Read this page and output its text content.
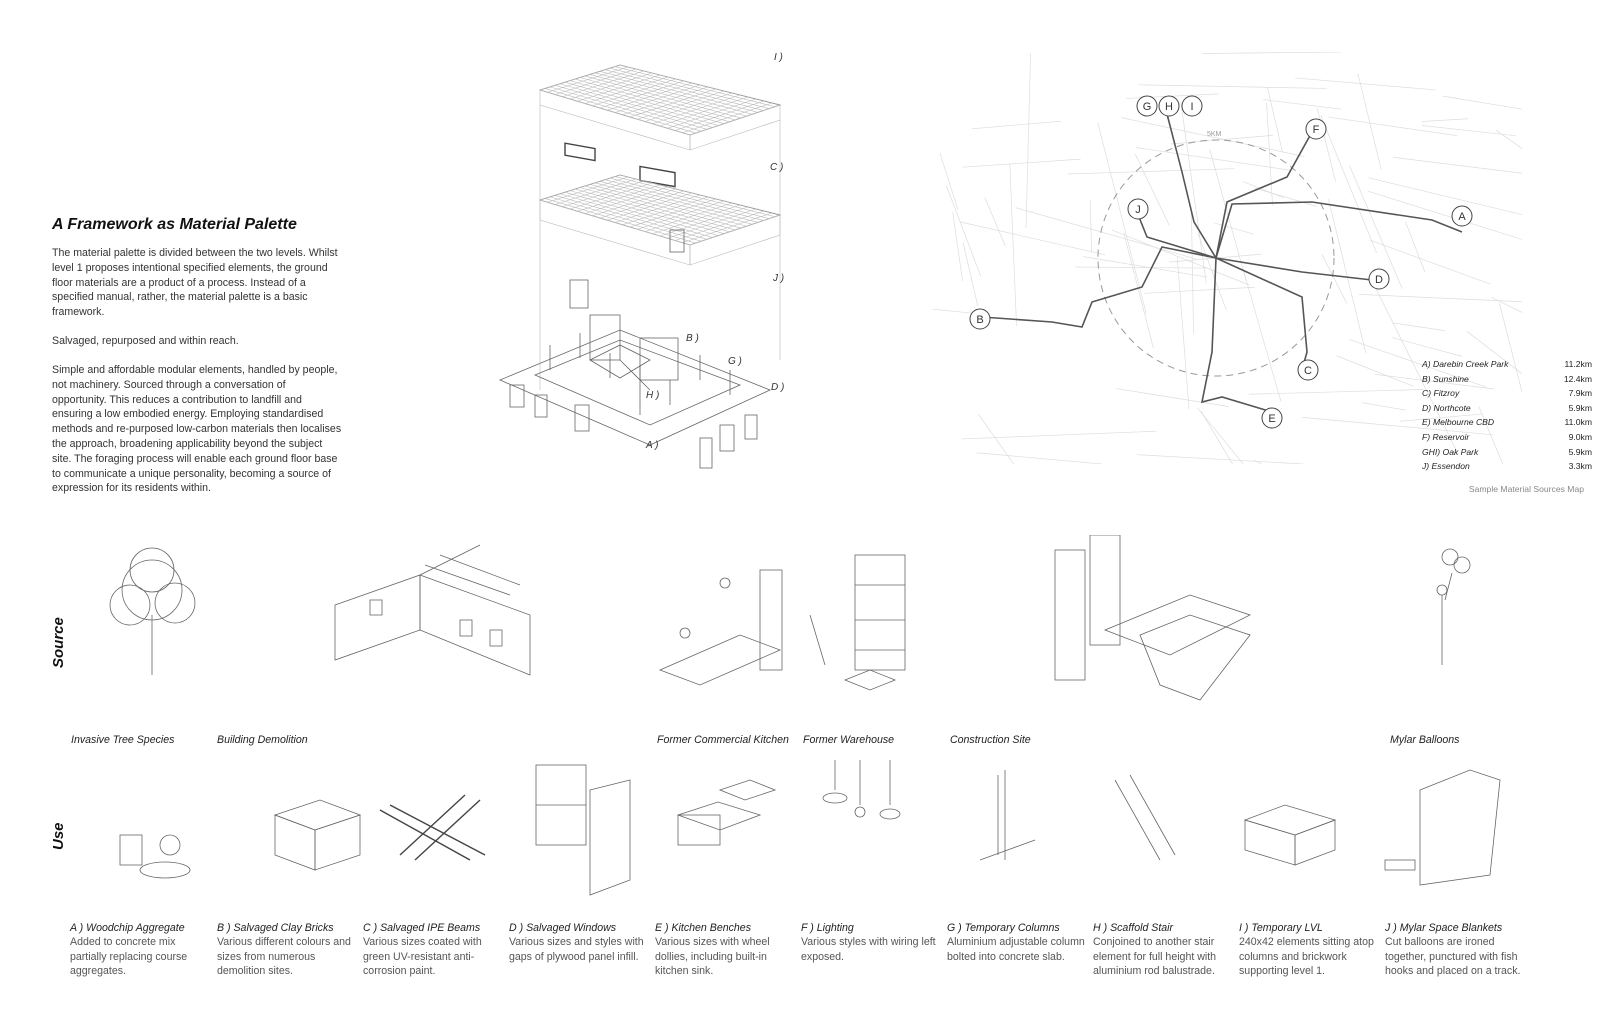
A Framework as Material Palette
The material palette is divided between the two levels. Whilst level 1 proposes intentional specified elements, the ground floor materials are a product of a process. Instead of a specified manual, rather, the material palette is a basic framework.
Salvaged, repurposed and within reach.
Simple and affordable modular elements, handled by people, not machinery. Sourced through a conversation of opportunity. This reduces a contribution to landfill and ensuring a low embodied energy. Employing standardised methods and re-purposed low-carbon materials then localises the approach, broadening applicability beyond the subject site. The foraging process will enable each ground floor base to communicate a unique personality, becoming a source of expression for its residents within.
I )
C )
J )
B )
G )
D )
H )
A )
5KM
G H I
F
J
A
D
B
C
E
A) Darebin Creek Park	11.2km
B) Sunshine	12.4km
C) Fitzroy	7.9km
D) Northcote	5.9km
E) Melbourne CBD	11.0km
F) Reservoir	9.0km
GHI) Oak Park	5.9km
J) Essendon	3.3km
Sample Material Sources Map
Source
Invasive Tree Species	Building Demolition	Former Commercial Kitchen Former Warehouse	Construction Site	Mylar Balloons
Use
A ) Woodchip Aggregate
Added to concrete mix partially replacing course aggregates.
B ) Salvaged Clay Bricks
Various different colours and sizes from numerous demolition sites.
C ) Salvaged IPE Beams
Various sizes coated with green UV-resistant anti-corrosion paint.
D ) Salvaged Windows
Various sizes and styles with gaps of plywood panel infill.
E ) Kitchen Benches
Various sizes with wheel dollies, including built-in kitchen sink.
F ) Lighting
Various styles with wiring left exposed.
G ) Temporary Columns
Aluminium adjustable column bolted into concrete slab.
H ) Scaffold Stair
Conjoined to another stair element for full height with aluminium rod balustrade.
I ) Temporary LVL
240x42 elements sitting atop columns and brickwork supporting level 1.
J ) Mylar Space Blankets
Cut balloons are ironed together, punctured with fish hooks and placed on a track.
